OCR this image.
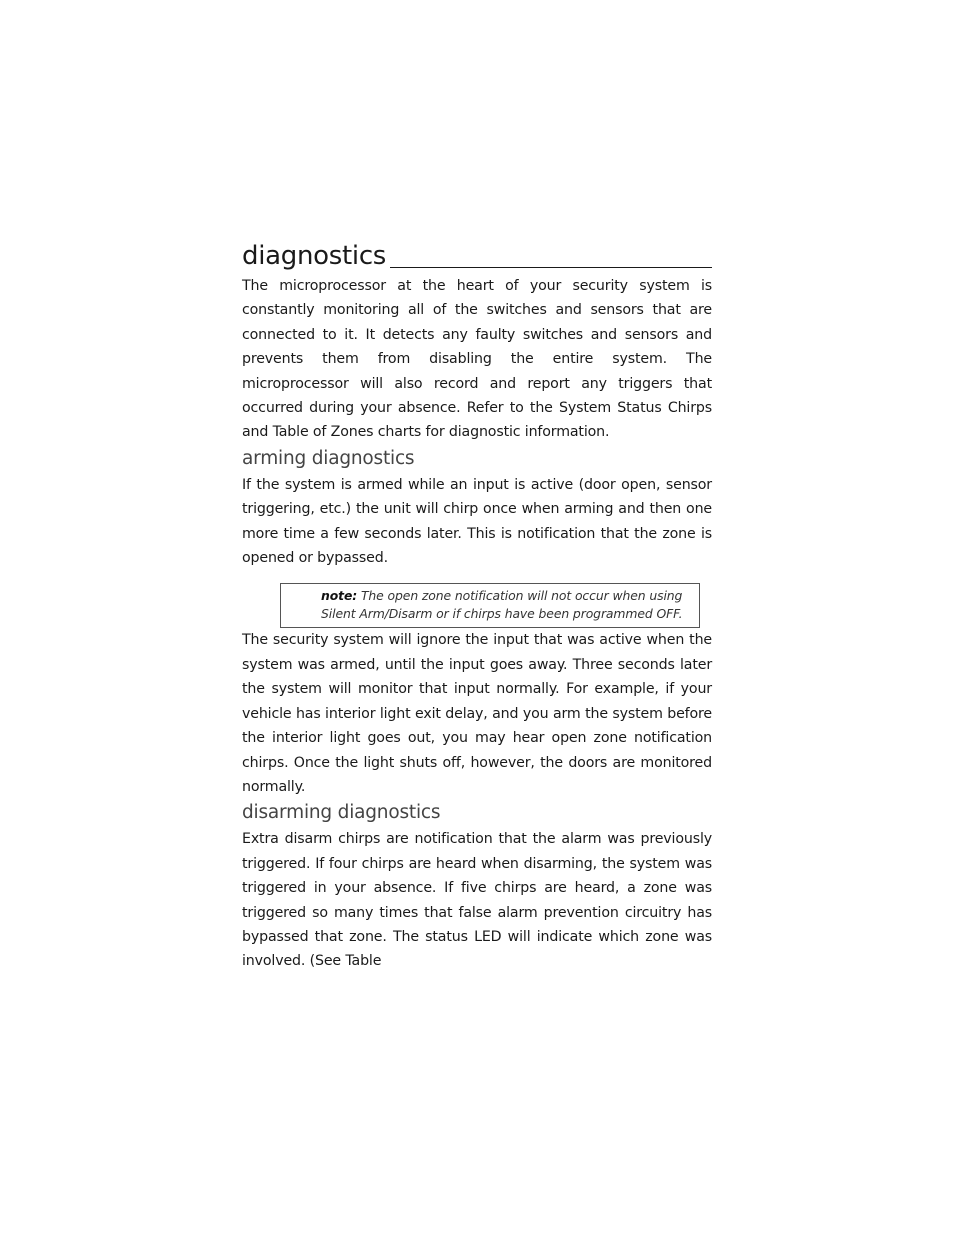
diagnostics

The microprocessor at the heart of your security system is constantly monitoring all of the switches and sensors that are connected to it. It detects any faulty switches and sensors and prevents them from disabling the entire system. The microprocessor will also record and report any triggers that occurred during your absence. Refer to the System Status Chirps and Table of Zones charts for diagnostic information.

arming diagnostics

If the system is armed while an input is active (door open, sensor triggering, etc.) the unit will chirp once when arming and then one more time a few seconds later. This is notification that the zone is opened or bypassed.

note: The open zone notification will not occur when using Silent Arm/Disarm or if chirps have been programmed OFF.

The security system will ignore the input that was active when the system was armed, until the input goes away. Three seconds later the system will monitor that input normally. For example, if your vehicle has interior light exit delay, and you arm the system before the interior light goes out, you may hear open zone notification chirps. Once the light shuts off, however, the doors are monitored normally.

disarming diagnostics

Extra disarm chirps are notification that the alarm was previously triggered. If four chirps are heard when disarming, the system was triggered in your absence. If five chirps are heard, a zone was triggered so many times that false alarm prevention circuitry has bypassed that zone. The status LED will indicate which zone was involved. (See Table
